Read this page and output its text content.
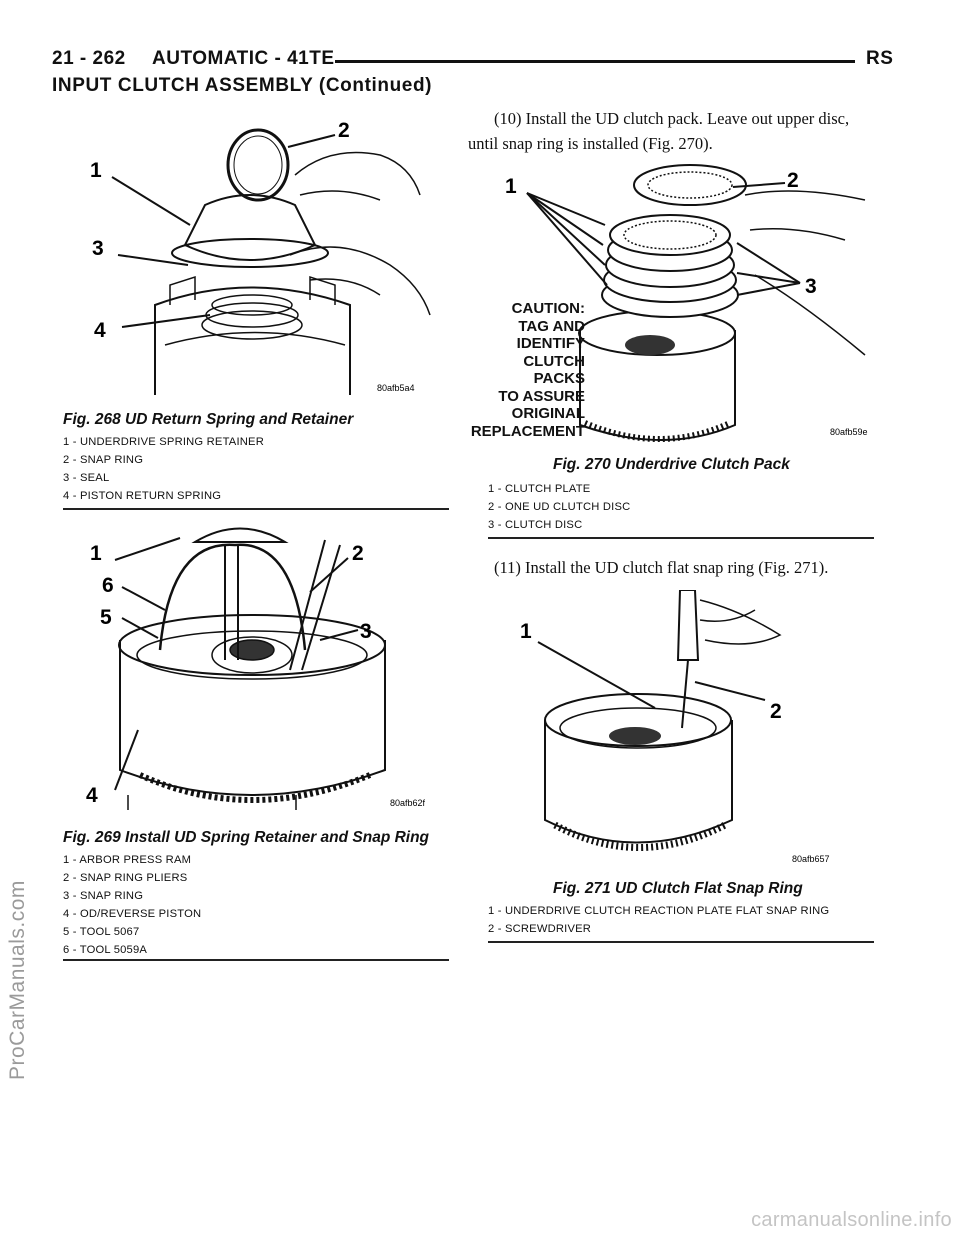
21 - 262 AUTOMATIC - 41TE	RS
INPUT CLUTCH ASSEMBLY (Continued)
ProCarManuals.com
1
2
3
4
80afb5a4
Fig. 268 UD Return Spring and Retainer
1 - UNDERDRIVE SPRING RETAINER
2 - SNAP RING
3 - SEAL
4 - PISTON RETURN SPRING
1	2
3
4
5
6
80afb62f
Fig. 269 Install UD Spring Retainer and Snap Ring
1 - ARBOR PRESS RAM
2 - SNAP RING PLIERS
3 - SNAP RING
4 - OD/REVERSE PISTON
5 - TOOL 5067
6 - TOOL 5059A
(10) Install the UD clutch pack. Leave out upper disc, until snap ring is installed (Fig. 270).
1	2
3
80afb59e
CAUTION:
TAG AND
IDENTIFY
CLUTCH
PACKS
TO ASSURE
ORIGINAL
REPLACEMENT
Fig. 270 Underdrive Clutch Pack
1 - CLUTCH PLATE
2 - ONE UD CLUTCH DISC
3 - CLUTCH DISC
(11) Install the UD clutch flat snap ring (Fig. 271).
1
2
80afb657
Fig. 271 UD Clutch Flat Snap Ring
1 - UNDERDRIVE CLUTCH REACTION PLATE FLAT SNAP RING
2 - SCREWDRIVER
carmanualsonline.info
